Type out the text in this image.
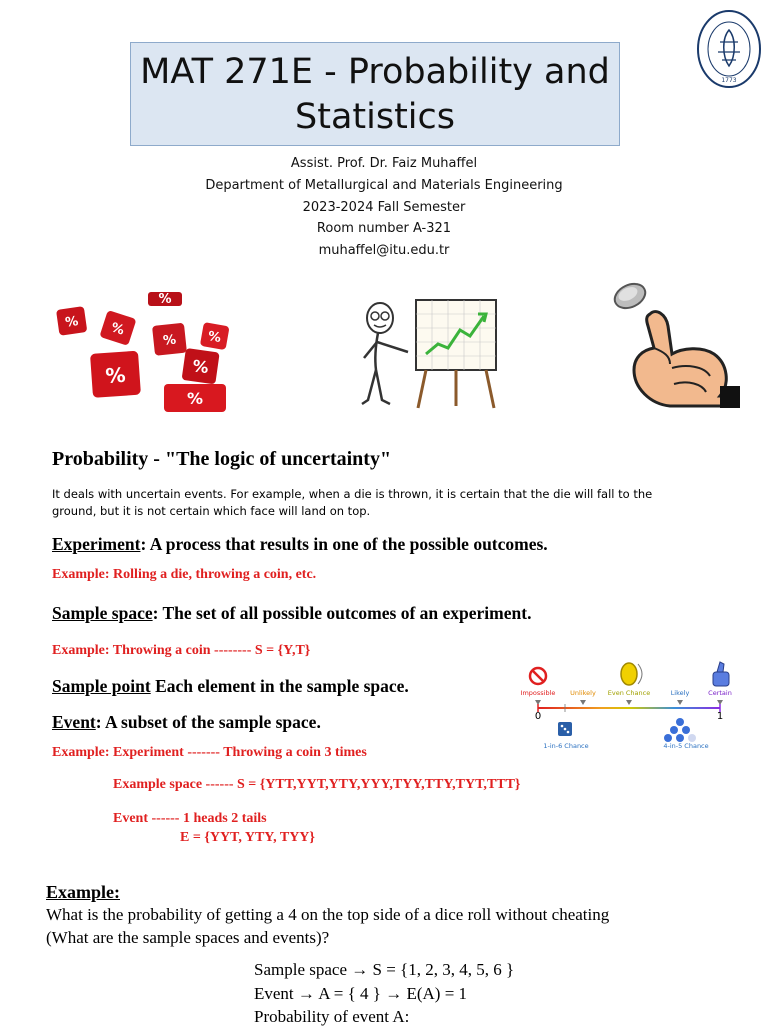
MAT 271E - Probability and
Statistics
1773
Assist. Prof. Dr. Faiz Muhaffel
Department of Metallurgical and Materials Engineering
2023-2024 Fall Semester
Room number A-321
muhaffel@itu.edu.tr
% %
%
% %
%	%
%
Probability - "The logic of uncertainty"
It deals with uncertain events. For example, when a die is thrown, it is certain that the die will fall to the ground, but it is not certain which face will land on top.
Experiment: A process that results in one of the possible outcomes.
Example: Rolling a die, throwing a coin, etc.
Sample space: The set of all possible outcomes of an experiment.
Example: Throwing a coin -------- S = {Y,T}
Sample point Each element in the sample space.
Event: A subset of the sample space.
Example: Experiment ------- Throwing a coin 3 times
Example space ------ S = {YTT,YYT,YTY,YYY,TYY,TTY,TYT,TTT}
Event ------ 1 heads 2 tails
E = {YYT, YTY, TYY}
Impossible Unlikely Even Chance	Likely	Certain
0	1
1-in-6 Chance	4-in-5 Chance
Example:
What is the probability of getting a 4 on the top side of a dice roll without cheating
(What are the sample spaces and events)?
Sample space → S = {1, 2, 3, 4, 5, 6 }
Event → A = { 4 } → E(A) = 1
Probability of event A:
